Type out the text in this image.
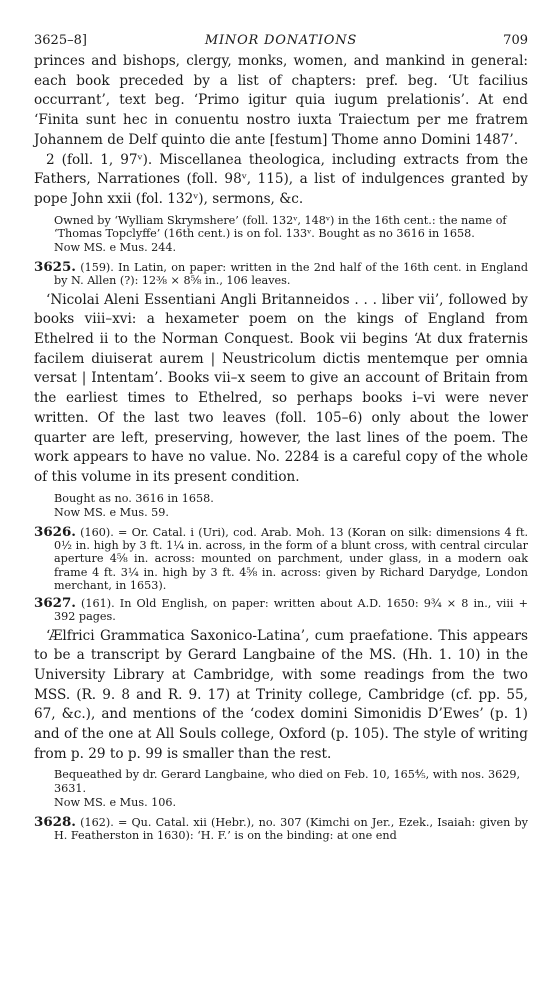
3625–8]	MINOR DONATIONS	709

princes and bishops, clergy, monks, women, and mankind in general: each book preceded by a list of chapters: pref. beg. ‘Ut facilius occurrant’, text beg. ‘Primo igitur quia iugum prelationis’. At end ‘Finita sunt hec in conuentu nostro iuxta Traiectum per me fratrem Johannem de Delf quinto die ante [festum] Thome anno Domini 1487’.

2 (foll. 1, 97ᵛ). Miscellanea theologica, including extracts from the Fathers, Narrationes (foll. 98ᵛ, 115), a list of indulgences granted by pope John xxii (fol. 132ᵛ), sermons, &c.

Owned by ‘Wylliam Skrymshere’ (foll. 132ᵛ, 148ᵛ) in the 16th cent.: the name of ‘Thomas Topclyffe’ (16th cent.) is on fol. 133ᵛ. Bought as no 3616 in 1658.

Now MS. e Mus. 244.

3625. (159). In Latin, on paper: written in the 2nd half of the 16th cent. in England by N. Allen (?): 12⅜ × 8⅝ in., 106 leaves.

‘Nicolai Aleni Essentiani Angli Britanneidos . . . liber vii’, followed by books viii–xvi: a hexameter poem on the kings of England from Ethelred ii to the Norman Conquest. Book vii begins ‘At dux fraternis facilem diuiserat aurem | Neustricolum dictis mentemque per omnia versat | Intentam’. Books vii–x seem to give an account of Britain from the earliest times to Ethelred, so perhaps books i–vi were never written. Of the last two leaves (foll. 105–6) only about the lower quarter are left, preserving, however, the last lines of the poem. The work appears to have no value. No. 2284 is a careful copy of the whole of this volume in its present condition.

Bought as no. 3616 in 1658.

Now MS. e Mus. 59.

3626. (160). = Or. Catal. i (Uri), cod. Arab. Moh. 13 (Koran on silk: dimensions 4 ft. 0½ in. high by 3 ft. 1¼ in. across, in the form of a blunt cross, with central circular aperture 4⅝ in. across: mounted on parchment, under glass, in a modern oak frame 4 ft. 3¼ in. high by 3 ft. 4⅝ in. across: given by Richard Darydge, London merchant, in 1653).

3627. (161). In Old English, on paper: written about A.D. 1650: 9¾ × 8 in., viii + 392 pages.

‘Ælfrici Grammatica Saxonico-Latina’, cum praefatione. This appears to be a transcript by Gerard Langbaine of the MS. (Hh. 1. 10) in the University Library at Cambridge, with some readings from the two MSS. (R. 9. 8 and R. 9. 17) at Trinity college, Cambridge (cf. pp. 55, 67, &c.), and mentions of the ‘codex domini Simonidis D’Ewes’ (p. 1) and of the one at All Souls college, Oxford (p. 105). The style of writing from p. 29 to p. 99 is smaller than the rest.

Bequeathed by dr. Gerard Langbaine, who died on Feb. 10, 165⅘, with nos. 3629, 3631.

Now MS. e Mus. 106.

3628. (162). = Qu. Catal. xii (Hebr.), no. 307 (Kimchi on Jer., Ezek., Isaiah: given by H. Featherston in 1630): ‘H. F.’ is on the binding: at one end
